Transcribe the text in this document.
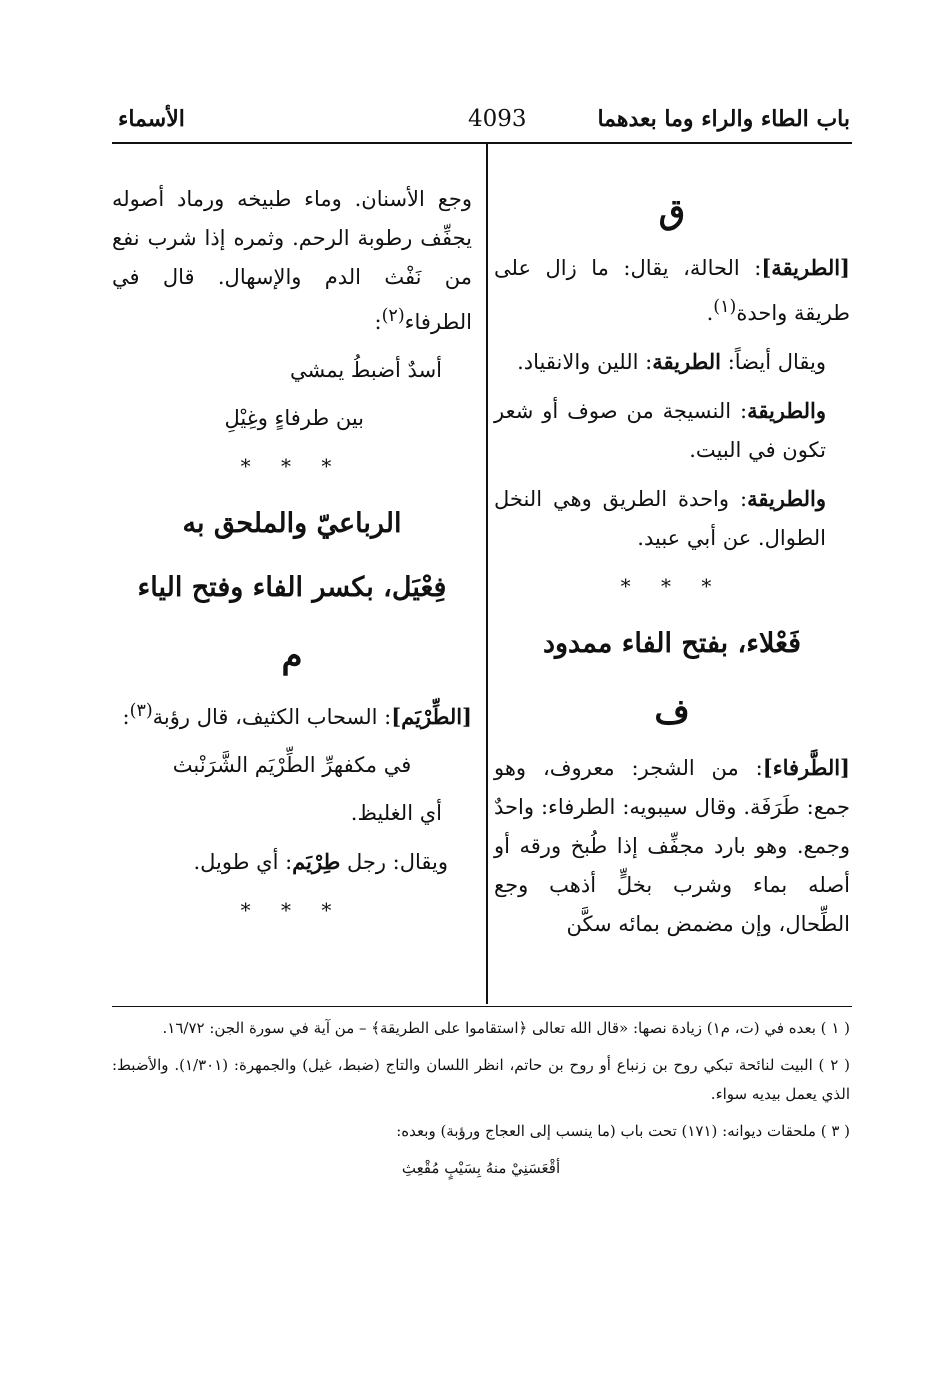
باب الطاء والراء وما بعدهما
4093
الأسماء
ق

[الطريقة]: الحالة، يقال: ما زال على طريقة واحدة$^{(١)}$.

ويقال أيضاً: الطريقة: اللين والانقياد.

والطريقة: النسيجة من صوف أو شعر تكون في البيت.

والطريقة: واحدة الطريق وهي النخل الطوال. عن أبي عبيد.

* * *
فَعْلاء، بفتح الفاء ممدود
ف

[الطَّرفاء]: من الشجر: معروف، وهو جمع: طَرَفَة. وقال سيبويه: الطرفاء: واحدٌ وجمع. وهو بارد مجفِّف إذا طُبخ ورقه أو أصله بماء وشرب بخلٍّ أذهب وجع الطِّحال، وإن مضمض بمائه سكَّن

وجع الأسنان. وماء طبيخه ورماد أصوله يجفِّف رطوبة الرحم. وثمره إذا شرب نفع من نَفْث الدم والإسهال. قال في الطرفاء$^{(٢)}$:

أسدٌ أضبطُ يمشي
بين طرفاءٍ وغِيْلِ
* * *
الرباعيّ والملحق به
فِعْيَل، بكسر الفاء وفتح الياء
م

[الطِّرْيَم]: السحاب الكثيف، قال رؤبة$^{(٣)}$:

في مكفهرِّ الطِّرْيَم الشَّرَنْبث
أي الغليظ.

ويقال: رجل طِرْيَم: أي طويل.

* * *

( ١ ) بعده في (ت، م١) زيادة نصها: «قال الله تعالى ﴿استقاموا على الطريقة﴾ – من آية في سورة الجن: ١٦/٧٢.

( ٢ ) البيت لنائحة تبكي روح بن زنباع أو روح بن حاتم، انظر اللسان والتاج (ضبط، غيل) والجمهرة: (١/٣٠١). والأضبط: الذي يعمل بيديه سواء.

( ٣ ) ملحقات ديوانه: (١٧١) تحت باب (ما ينسب إلى العجاج ورؤبة) وبعده:

أقْعَسَنِيْ منهُ بِسَيْبٍ مُقْعِثِ
